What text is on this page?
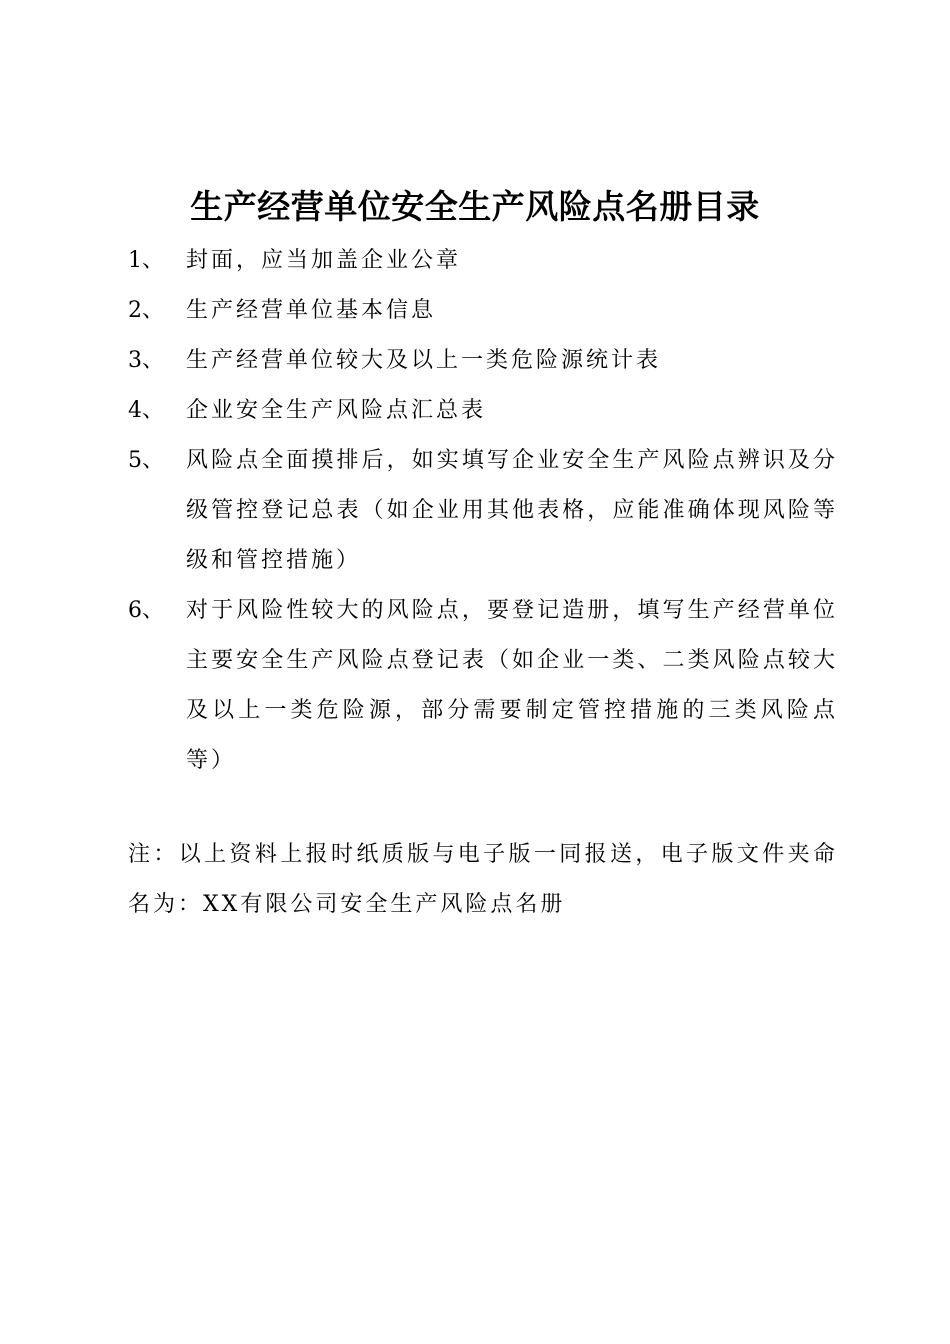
生产经营单位安全生产风险点名册目录
1、	封面，应当加盖企业公章
2、	生产经营单位基本信息
3、	生产经营单位较大及以上一类危险源统计表
4、	企业安全生产风险点汇总表
5、	风险点全面摸排后，如实填写企业安全生产风险点辨识及分级管控登记总表（如企业用其他表格，应能准确体现风险等级和管控措施）
6、	对于风险性较大的风险点，要登记造册，填写生产经营单位主要安全生产风险点登记表（如企业一类、二类风险点较大及以上一类危险源，部分需要制定管控措施的三类风险点等）

注：以上资料上报时纸质版与电子版一同报送，电子版文件夹命名为：XX有限公司安全生产风险点名册
